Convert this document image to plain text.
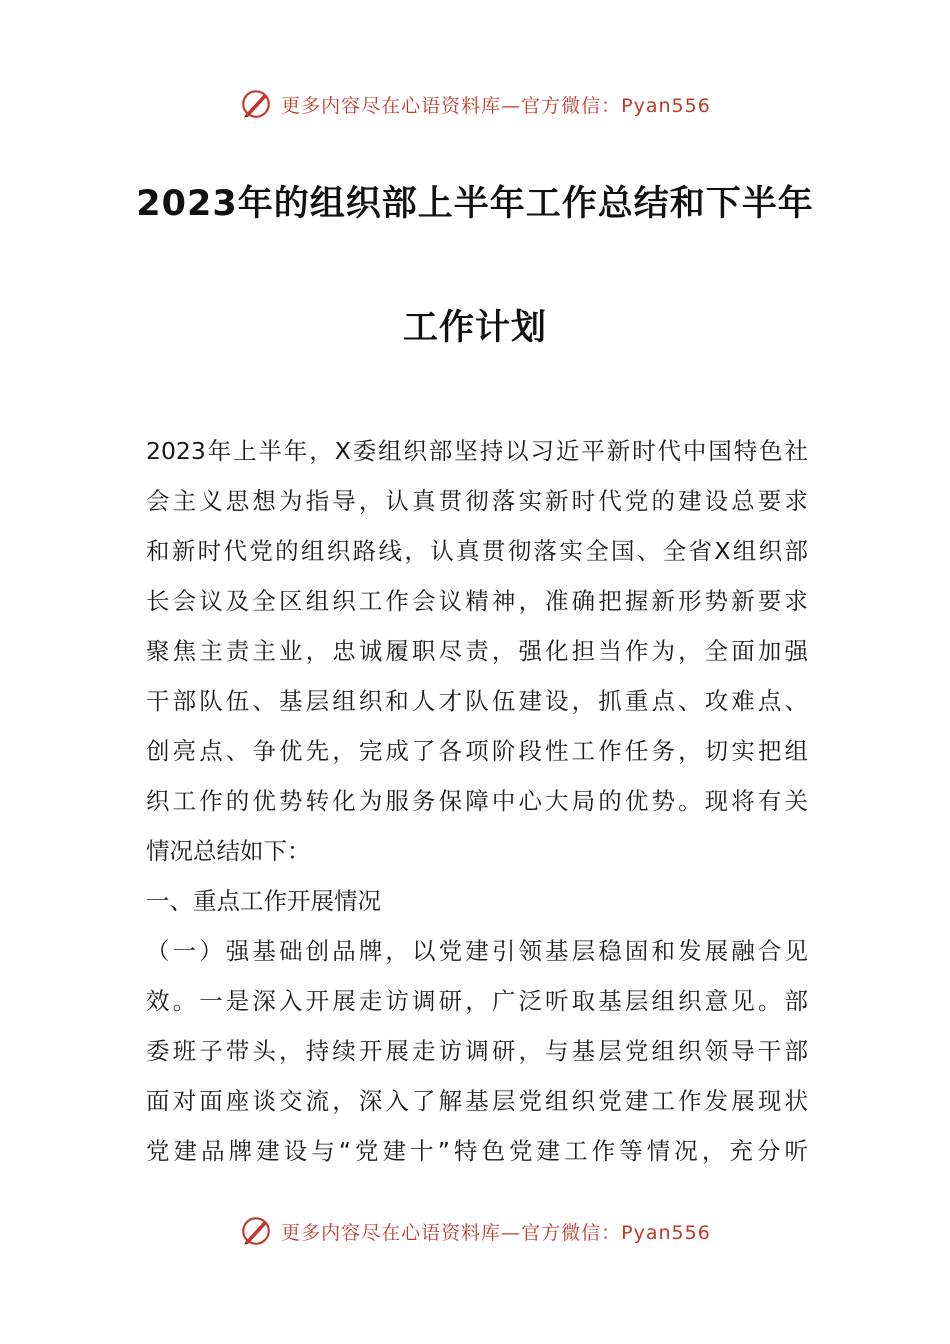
更多内容尽在心语资料库—官方微信：Pyan556
2023年的组织部上半年工作总结和下半年
工作计划
2023年上半年，X委组织部坚持以习近平新时代中国特色社
会主义思想为指导，认真贯彻落实新时代党的建设总要求
和新时代党的组织路线，认真贯彻落实全国、全省X组织部
长会议及全区组织工作会议精神，准确把握新形势新要求
聚焦主责主业，忠诚履职尽责，强化担当作为，全面加强
干部队伍、基层组织和人才队伍建设，抓重点、攻难点、
创亮点、争优先，完成了各项阶段性工作任务，切实把组
织工作的优势转化为服务保障中心大局的优势。现将有关
情况总结如下：
一、重点工作开展情况
（一）强基础创品牌，以党建引领基层稳固和发展融合见
效。一是深入开展走访调研，广泛听取基层组织意见。部
委班子带头，持续开展走访调研，与基层党组织领导干部
面对面座谈交流，深入了解基层党组织党建工作发展现状
党建品牌建设与“党建十”特色党建工作等情况，充分听
更多内容尽在心语资料库—官方微信：Pyan556
